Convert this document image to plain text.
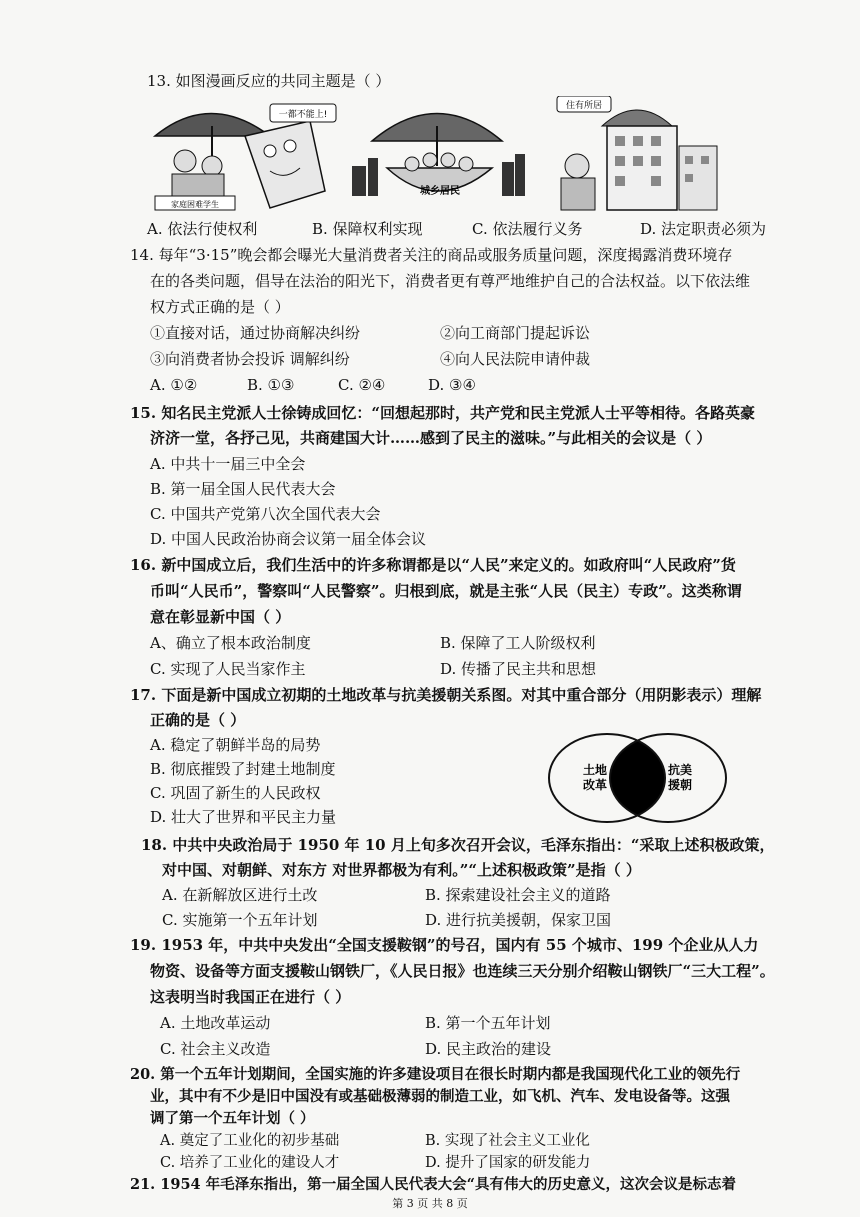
13. 如图漫画反应的共同主题是（ ）
家庭困难学生
一都不能上!
城乡居民
住有所居
A. 依法行使权利	B. 保障权利实现	C. 依法履行义务	D. 法定职责必须为
14. 每年“3·15”晚会都会曝光大量消费者关注的商品或服务质量问题，深度揭露消费环境存
在的各类问题，倡导在法治的阳光下，消费者更有尊严地维护自己的合法权益。以下依法维
权方式正确的是（ ）
①直接对话，通过协商解决纠纷	②向工商部门提起诉讼
③向消费者协会投诉 调解纠纷	④向人民法院申请仲裁
A. ①②	B. ①③	C. ②④	D. ③④
15. 知名民主党派人士徐铸成回忆：“回想起那时，共产党和民主党派人士平等相待。各路英豪
济济一堂，各抒己见，共商建国大计……感到了民主的滋味。”与此相关的会议是（ ）
A. 中共十一届三中全会
B. 第一届全国人民代表大会
C. 中国共产党第八次全国代表大会
D. 中国人民政治协商会议第一届全体会议
16. 新中国成立后，我们生活中的许多称谓都是以“人民”来定义的。如政府叫“人民政府”货
币叫“人民币”，警察叫“人民警察”。归根到底，就是主张“人民（民主）专政”。这类称谓
意在彰显新中国（ ）
A、确立了根本政治制度	B. 保障了工人阶级权利
C. 实现了人民当家作主	D. 传播了民主共和思想
17. 下面是新中国成立初期的土地改革与抗美援朝关系图。对其中重合部分（用阴影表示）理解
正确的是（ ）
A. 稳定了朝鲜半岛的局势
B. 彻底摧毁了封建土地制度
C. 巩固了新生的人民政权
D. 壮大了世界和平民主力量
土地
改革
抗美
援朝
18. 中共中央政治局于 1950 年 10 月上旬多次召开会议，毛泽东指出：“采取上述积极政策，
对中国、对朝鲜、对东方 对世界都极为有利。”“上述积极政策”是指（ ）
A. 在新解放区进行土改	B. 探索建设社会主义的道路
C. 实施第一个五年计划	D. 进行抗美援朝，保家卫国
19. 1953 年，中共中央发出“全国支援鞍钢”的号召，国内有 55 个城市、199 个企业从人力
物资、设备等方面支援鞍山钢铁厂，《人民日报》也连续三天分别介绍鞍山钢铁厂“三大工程”。
这表明当时我国正在进行（ ）
A. 土地改革运动	B. 第一个五年计划
C. 社会主义改造	D. 民主政治的建设
20. 第一个五年计划期间，全国实施的许多建设项目在很长时期内都是我国现代化工业的领先行
业，其中有不少是旧中国没有或基础极薄弱的制造工业，如飞机、汽车、发电设备等。这强
调了第一个五年计划（ ）
A. 奠定了工业化的初步基础	B. 实现了社会主义工业化
C. 培养了工业化的建设人才	D. 提升了国家的研发能力
21. 1954 年毛泽东指出，第一届全国人民代表大会“具有伟大的历史意义，这次会议是标志着
第 3 页 共 8 页
